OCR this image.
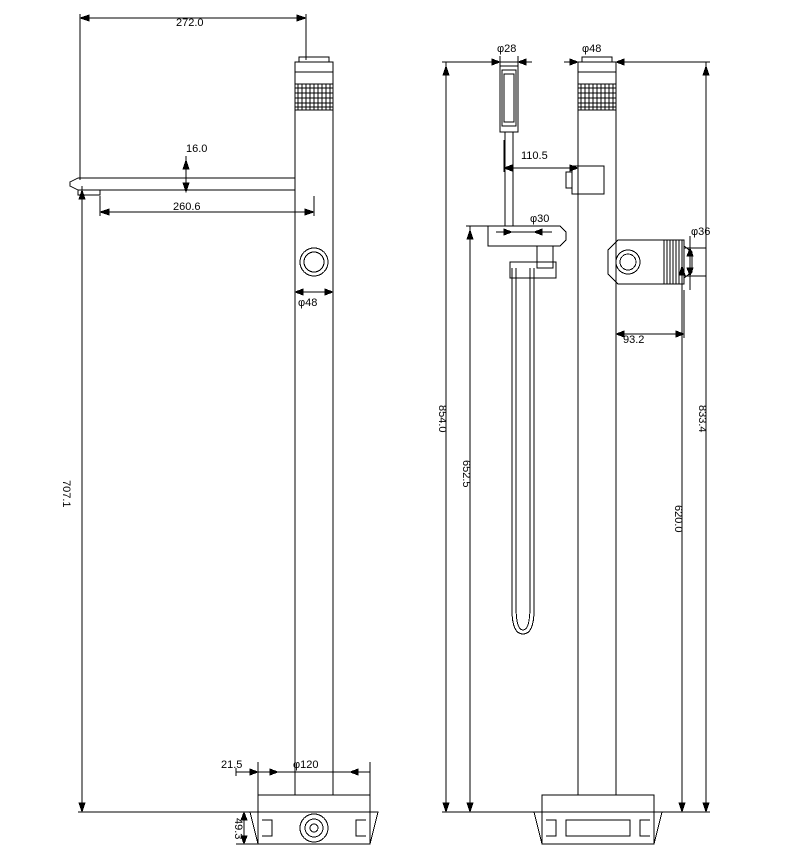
272.0
16.0
260.6
φ48
707.1
21.5	φ120
49.3
φ28	φ48
110.5
φ30
φ36
93.2
854.0
652.5
833.4
620.0
